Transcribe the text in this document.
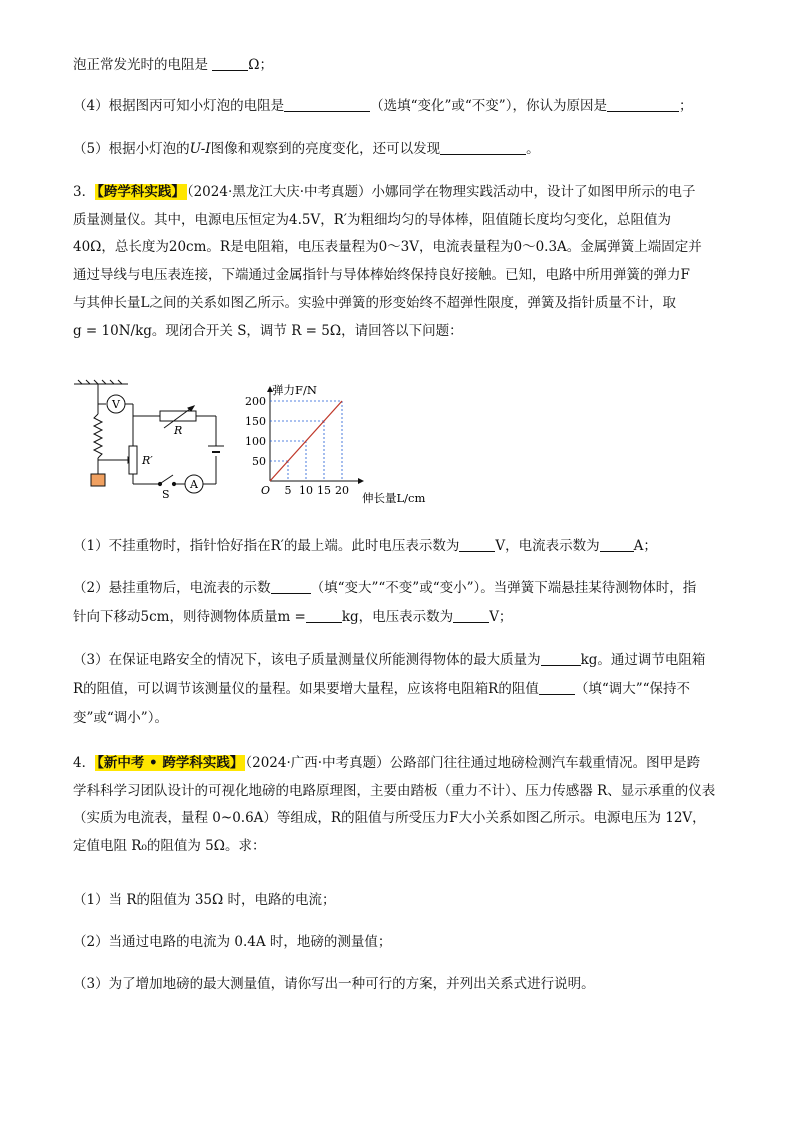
泡正常发光时的电阻是	Ω；
（4）根据图丙可知小灯泡的电阻是	（选填“变化”或“不变”），你认为原因是	；
（5）根据小灯泡的U-I图像和观察到的亮度变化，还可以发现	。
3． 【跨学科实践】 （2024·黑龙江大庆·中考真题）小娜同学在物理实践活动中，设计了如图甲所示的电子
质量测量仪。其中，电源电压恒定为4.5V，R′为粗细均匀的导体棒，阻值随长度均匀变化，总阻值为
40Ω，总长度为20cm。R是电阻箱，电压表量程为0～3V，电流表量程为0～0.3A。金属弹簧上端固定并
通过导线与电压表连接，下端通过金属指针与导体棒始终保持良好接触。已知，电路中所用弹簧的弹力F
与其伸长量L之间的关系如图乙所示。实验中弹簧的形变始终不超弹性限度，弹簧及指针质量不计，取
g = 10N/kg。现闭合开关 S，调节 R = 5Ω，请回答以下问题：
V
A
R
R′
S	5 10 15 20
50
100
150
200
O
弹力F/N
伸长量L/cm
（1）不挂重物时，指针恰好指在R′的最上端。此时电压表示数为	V，电流表示数为	A；
（2）悬挂重物后，电流表的示数	（填“变大”“不变”或“变小”）。当弹簧下端悬挂某待测物体时，指
针向下移动5cm，则待测物体质量m =	kg，电压表示数为	V；
（3）在保证电路安全的情况下，该电子质量测量仪所能测得物体的最大质量为	kg。通过调节电阻箱
R的阻值，可以调节该测量仪的量程。如果要增大量程，应该将电阻箱R的阻值	（填“调大”“保持不
变”或“调小”）。
4． 【新中考 • 跨学科实践】 （2024·广西·中考真题）公路部门往往通过地磅检测汽车载重情况。图甲是跨
学科科学习团队设计的可视化地磅的电路原理图，主要由踏板（重力不计）、压力传感器 R、显示承重的仪表
（实质为电流表，量程 0~0.6A）等组成，R的阻值与所受压力F大小关系如图乙所示。电源电压为 12V，
定值电阻 R₀的阻值为 5Ω。求：
（1）当 R的阻值为 35Ω 时，电路的电流；
（2）当通过电路的电流为 0.4A 时，地磅的测量值；
（3）为了增加地磅的最大测量值，请你写出一种可行的方案，并列出关系式进行说明。
